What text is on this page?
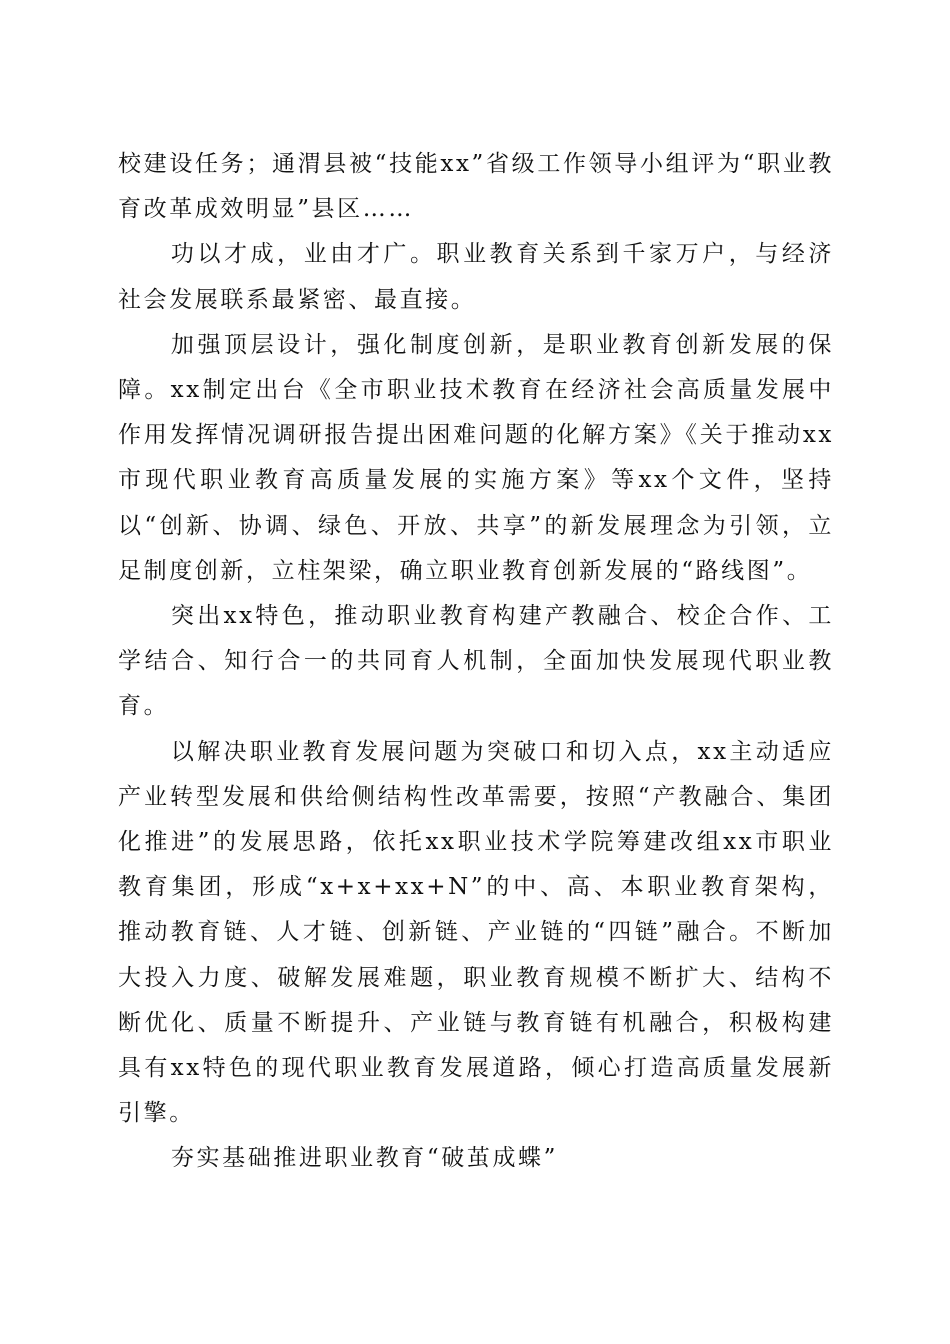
校建设任务；通渭县被“技能xx”省级工作领导小组评为“职业教育改革成效明显”县区……

功以才成，业由才广。职业教育关系到千家万户，与经济社会发展联系最紧密、最直接。

加强顶层设计，强化制度创新，是职业教育创新发展的保障。xx制定出台《全市职业技术教育在经济社会高质量发展中作用发挥情况调研报告提出困难问题的化解方案》《关于推动xx市现代职业教育高质量发展的实施方案》等xx个文件，坚持以“创新、协调、绿色、开放、共享”的新发展理念为引领，立足制度创新，立柱架梁，确立职业教育创新发展的“路线图”。

突出xx特色，推动职业教育构建产教融合、校企合作、工学结合、知行合一的共同育人机制，全面加快发展现代职业教育。

以解决职业教育发展问题为突破口和切入点，xx主动适应产业转型发展和供给侧结构性改革需要，按照“产教融合、集团化推进”的发展思路，依托xx职业技术学院筹建改组xx市职业教育集团，形成“x+x+xx+N”的中、高、本职业教育架构，推动教育链、人才链、创新链、产业链的“四链”融合。不断加大投入力度、破解发展难题，职业教育规模不断扩大、结构不断优化、质量不断提升、产业链与教育链有机融合，积极构建具有xx特色的现代职业教育发展道路，倾心打造高质量发展新引擎。

夯实基础推进职业教育“破茧成蝶”
